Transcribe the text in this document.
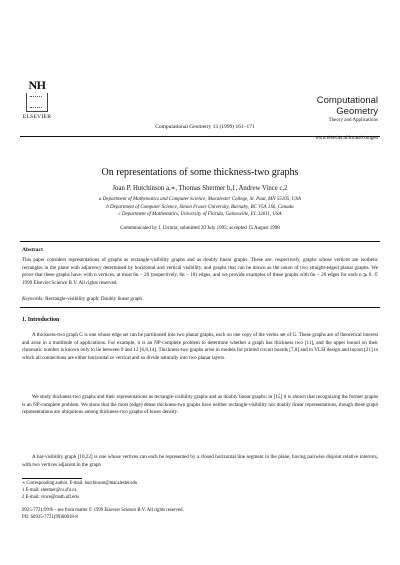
NH
ELSEVIER
Computational Geometry 13 (1999) 161–171
Computational
Geometry
Theory and Applications
www.elsevier.nl/locate/comgeo
On representations of some thickness-two graphs
Joan P. Hutchinson a,∗, Thomas Shermer b,1, Andrew Vince c,2
a Department of Mathematics and Computer Science, Macalester College, St. Paul, MN 55105, USA
b Department of Computer Science, Simon Fraser University, Burnaby, BC V5A 1S6, Canada
c Department of Mathematics, University of Florida, Gainesville, FL 32611, USA
Communicated by J. Urrutia; submitted 20 July 1995; accepted 15 August 1998
Abstract
This paper considers representations of graphs as rectangle-visibility graphs and as doubly linear graphs. These are, respectively, graphs whose vertices are isothetic rectangles in the plane with adjacency determined by horizontal and vertical visibility, and graphs that can be drawn as the union of two straight-edged planar graphs. We prove that these graphs have, with n vertices, at most 6n − 20 (respectively, 6n − 18) edges, and we provide examples of these graphs with 6n − 20 edges for each n ⩾ 8. © 1999 Elsevier Science B.V. All rights reserved.
Keywords: Rectangle-visibility graph; Doubly linear graph
1. Introduction
A thickness-two graph G is one whose edge set can be partitioned into two planar graphs, each on one copy of the vertex set of G. These graphs are of theoretical interest and arise in a multitude of applications. For example, it is an NP-complete problem to determine whether a graph has thickness two [11], and the upper bound on their chromatic number is known only to lie between 9 and 12 [6,8,14]. Thickness-two graphs arise in models for printed circuit boards [7,8] and in VLSI design and layout [21] in which all connections are either horizontal or vertical and so divide naturally into two planar layers.
We study thickness-two graphs and their representations as rectangle-visibility graphs and as doubly linear graphs; in [15] it is shown that recognizing the former graphs is an NP-complete problem. We show that the most (edge) dense thickness-two graphs have neither rectangle-visibility nor doubly linear representations, though these graph representations are ubiquitous among thickness-two graphs of lower density.
A bar-visibility graph [10,22] is one whose vertices can each be represented by a closed horizontal line segment in the plane, having pairwise disjoint relative interiors, with two vertices adjacent in the graph
∗ Corresponding author. E-mail: hutchinson@macalester.edu
1 E-mail: shermer@cs.sfu.ca
2 E-mail: vince@math.ufl.edu
0925-7721/99/$ – see front matter © 1999 Elsevier Science B.V. All rights reserved.
PII: S0925-7721(99)00018-8
